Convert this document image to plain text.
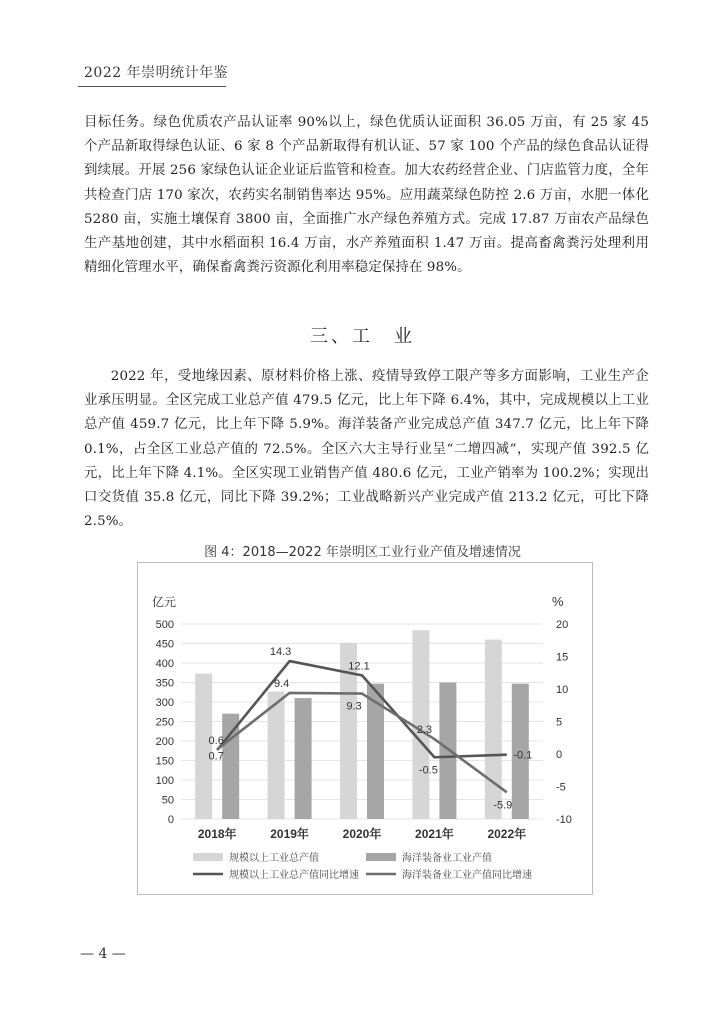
2022 年崇明统计年鉴

目标任务。绿色优质农产品认证率 90%以上，绿色优质认证面积 36.05 万亩，有 25 家 45 个产品新取得绿色认证、6 家 8 个产品新取得有机认证、57 家 100 个产品的绿色食品认证得到续展。开展 256 家绿色认证企业证后监管和检查。加大农药经营企业、门店监管力度，全年共检查门店 170 家次，农药实名制销售率达 95%。应用蔬菜绿色防控 2.6 万亩，水肥一体化 5280 亩，实施土壤保育 3800 亩，全面推广水产绿色养殖方式。完成 17.87 万亩农产品绿色生产基地创建，其中水稻面积 16.4 万亩，水产养殖面积 1.47 万亩。提高畜禽粪污处理利用精细化管理水平，确保畜禽粪污资源化利用率稳定保持在 98%。

三、工　业

2022 年，受地缘因素、原材料价格上涨、疫情导致停工限产等多方面影响，工业生产企业承压明显。全区完成工业总产值 479.5 亿元，比上年下降 6.4%，其中，完成规模以上工业总产值 459.7 亿元，比上年下降 5.9%。海洋装备产业完成总产值 347.7 亿元，比上年下降 0.1%，占全区工业总产值的 72.5%。全区六大主导行业呈“二增四减”，实现产值 392.5 亿元，比上年下降 4.1%。全区实现工业销售产值 480.6 亿元，工业产销率为 100.2%；实现出口交货值 35.8 亿元，同比下降 39.2%；工业战略新兴产业完成产值 213.2 亿元，可比下降 2.5%。

图 4：2018—2022 年崇明区工业行业产值及增速情况
亿元	%
0
50
100
150
200
250
300
350
400
450
500
-10
-5
0
5
10
15
20
2018年	2019年	2020年	2021年	2022年
0.6
14.3
12.1
-0.5
-0.1
0.7
9.4
9.3
2.3
-5.9
规模以上工业总产值	海洋装备业工业产值
规模以上工业总产值同比增速	海洋装备业工业产值同比增速
— 4 —
